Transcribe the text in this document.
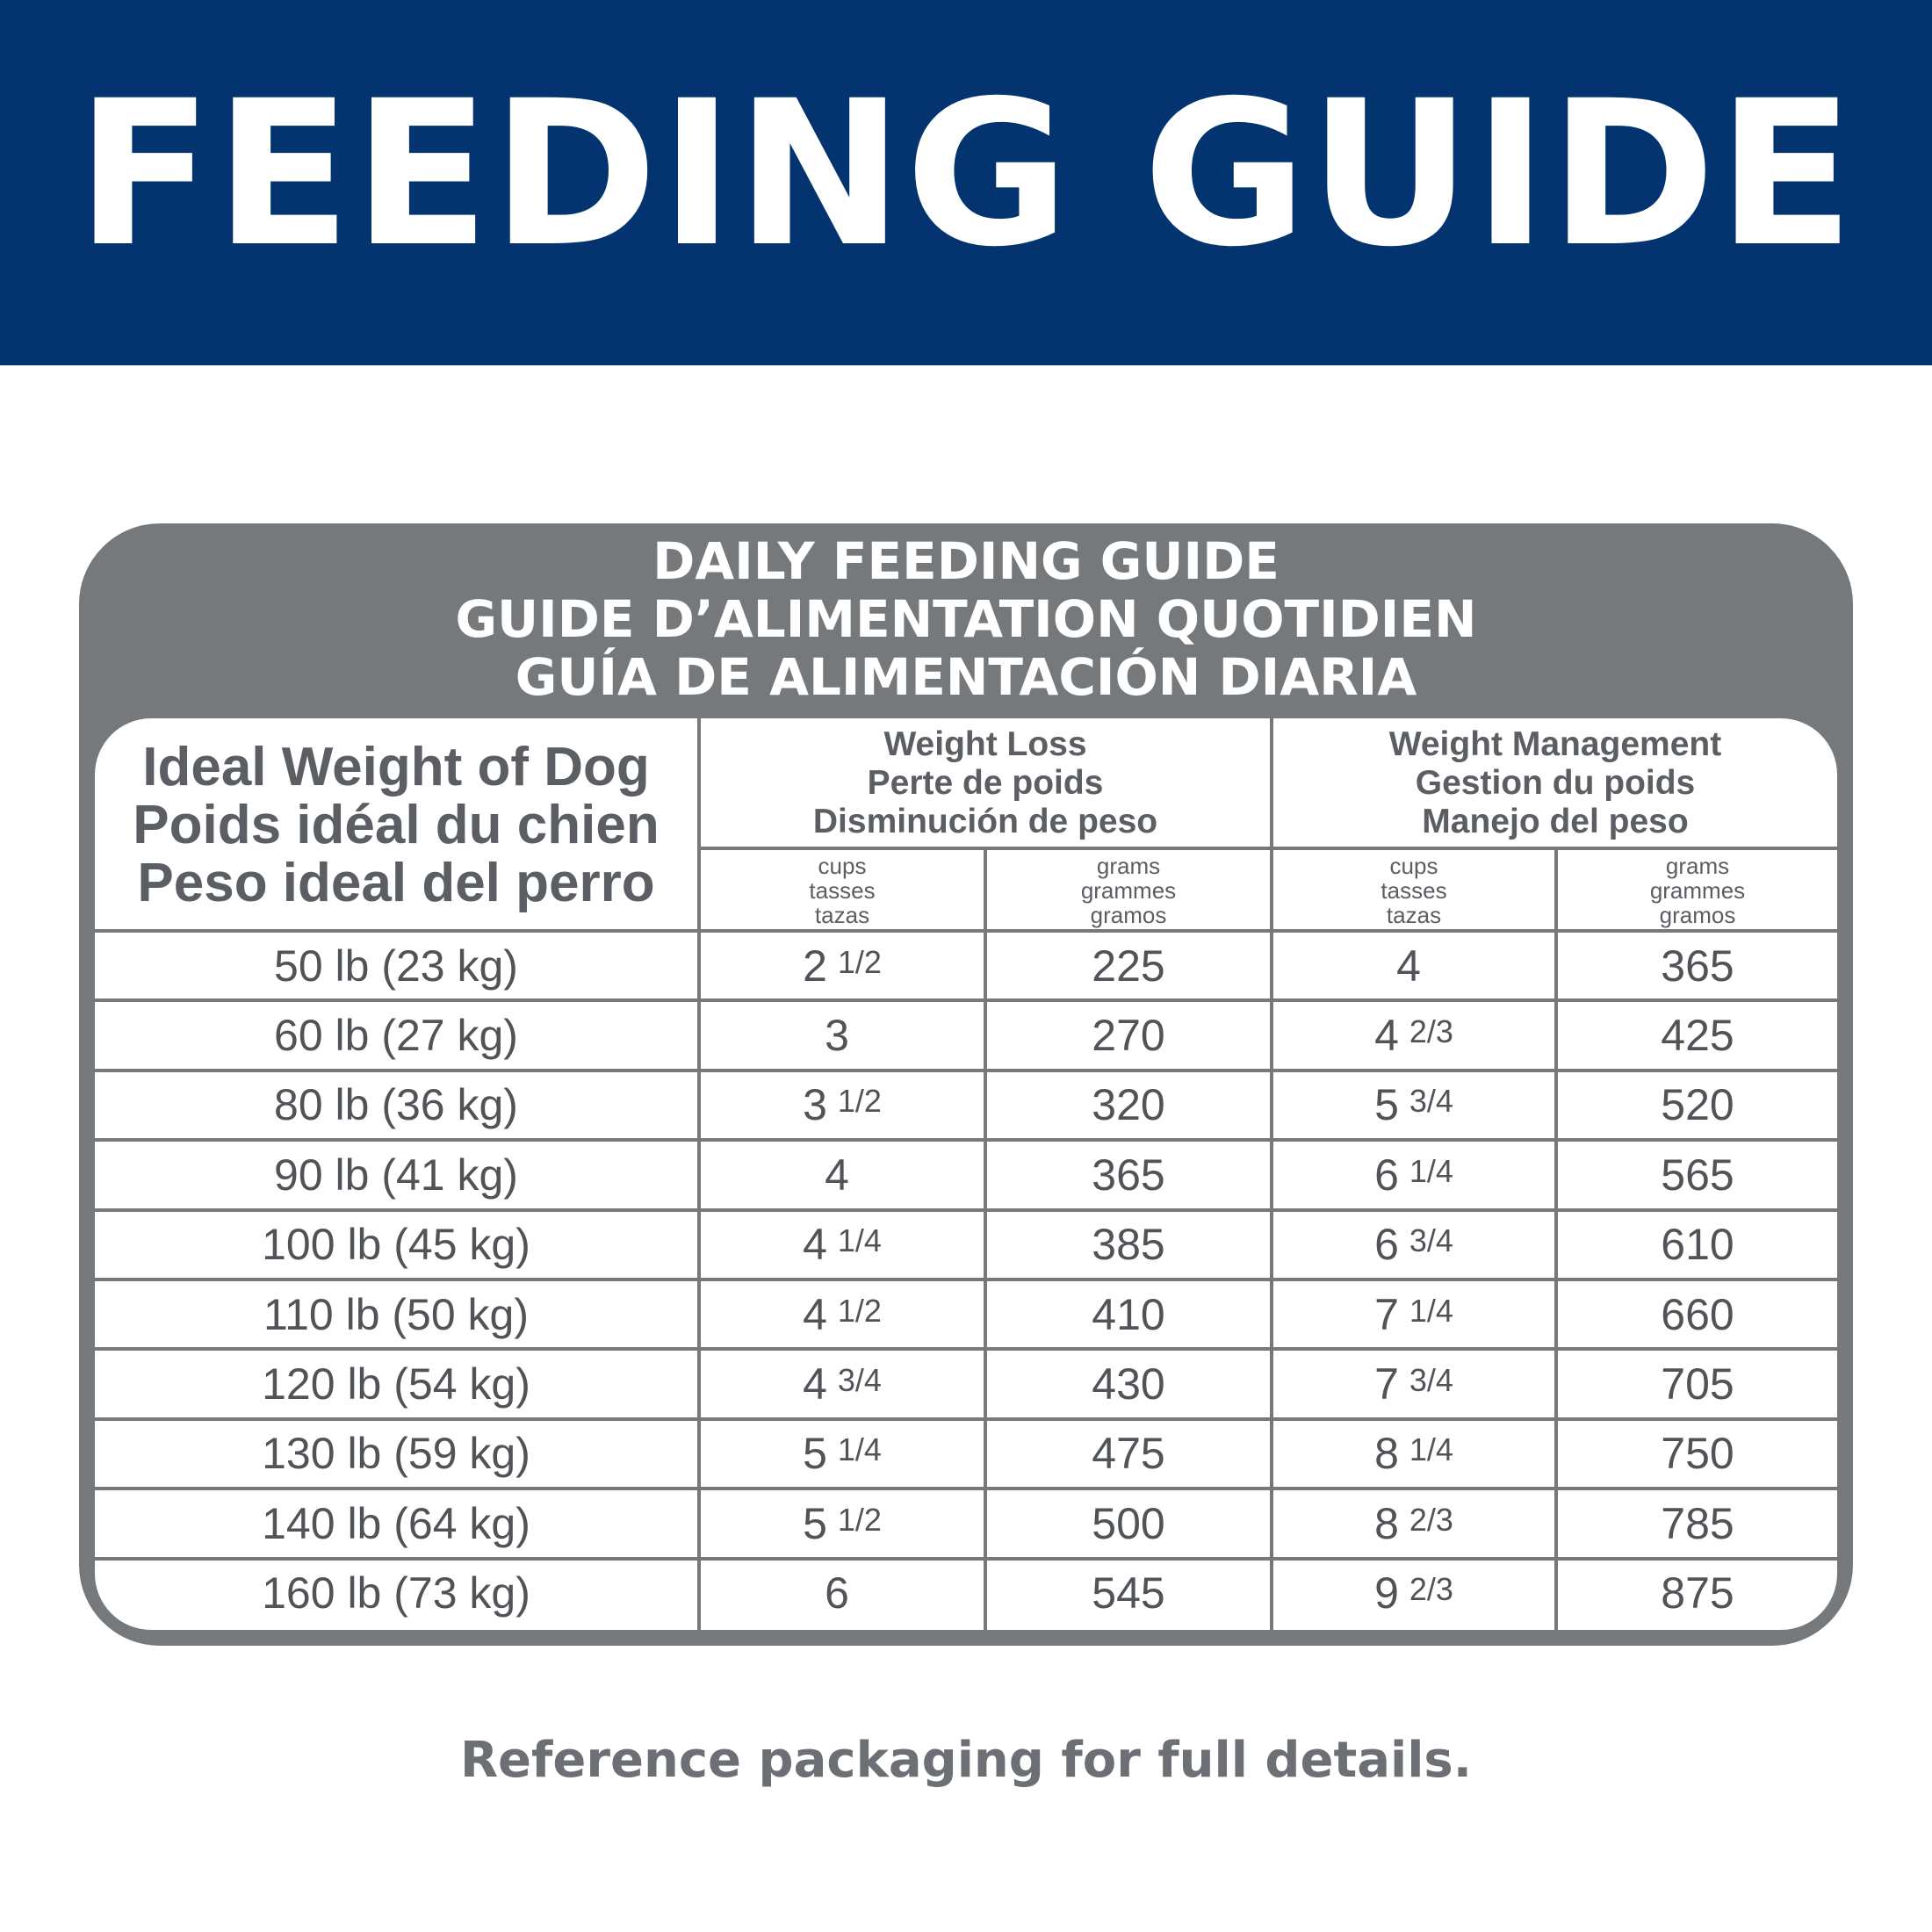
FEEDING GUIDE
DAILY FEEDING GUIDE
GUIDE D’ALIMENTATION QUOTIDIEN
GUÍA DE ALIMENTACIÓN DIARIA
Ideal Weight of Dog
Poids idéal du chien
Peso ideal del perro
Weight Loss
Perte de poids
Disminución de peso
Weight Management
Gestion du poids
Manejo del peso
cups
tasses
tazas
grams
grammes
gramos
cups
tasses
tazas
grams
grammes
gramos
50 lb (23 kg)	2 1/2	225	4	365
60 lb (27 kg)	3	270	4 2/3	425
80 lb (36 kg)	3 1/2	320	5 3/4	520
90 lb (41 kg)	4	365	6 1/4	565
100 lb (45 kg)	4 1/4	385	6 3/4	610
110 lb (50 kg)	4 1/2	410	7 1/4	660
120 lb (54 kg)	4 3/4	430	7 3/4	705
130 lb (59 kg)	5 1/4	475	8 1/4	750
140 lb (64 kg)	5 1/2	500	8 2/3	785
160 lb (73 kg)	6	545	9 2/3	875
Reference packaging for full details.
